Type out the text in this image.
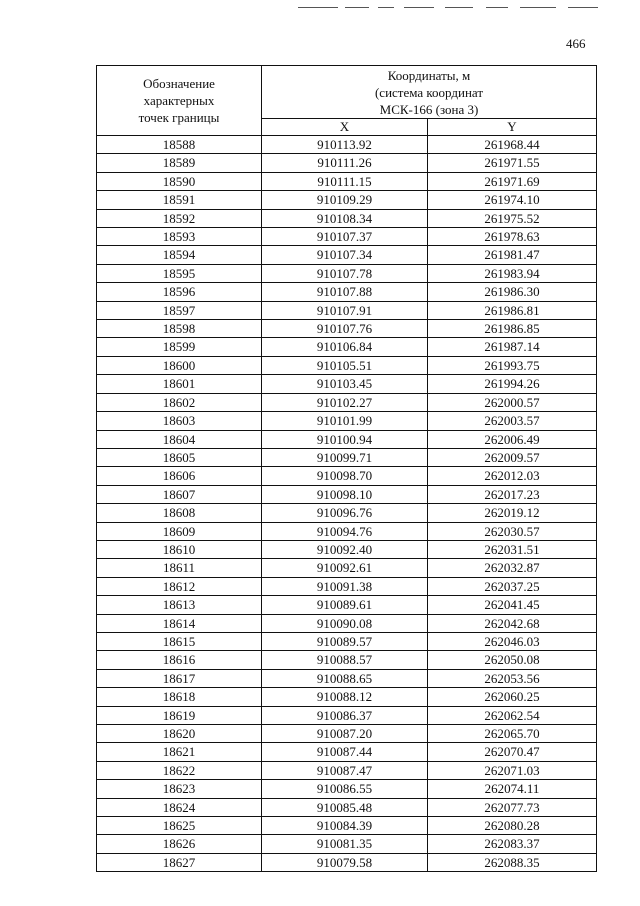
466
Обозначение
характерных
точек границы	Координаты, м
(система координат
МСК-166 (зона 3)	
	X	Y
18588	910113.92	261968.44
18589	910111.26	261971.55
18590	910111.15	261971.69
18591	910109.29	261974.10
18592	910108.34	261975.52
18593	910107.37	261978.63
18594	910107.34	261981.47
18595	910107.78	261983.94
18596	910107.88	261986.30
18597	910107.91	261986.81
18598	910107.76	261986.85
18599	910106.84	261987.14
18600	910105.51	261993.75
18601	910103.45	261994.26
18602	910102.27	262000.57
18603	910101.99	262003.57
18604	910100.94	262006.49
18605	910099.71	262009.57
18606	910098.70	262012.03
18607	910098.10	262017.23
18608	910096.76	262019.12
18609	910094.76	262030.57
18610	910092.40	262031.51
18611	910092.61	262032.87
18612	910091.38	262037.25
18613	910089.61	262041.45
18614	910090.08	262042.68
18615	910089.57	262046.03
18616	910088.57	262050.08
18617	910088.65	262053.56
18618	910088.12	262060.25
18619	910086.37	262062.54
18620	910087.20	262065.70
18621	910087.44	262070.47
18622	910087.47	262071.03
18623	910086.55	262074.11
18624	910085.48	262077.73
18625	910084.39	262080.28
18626	910081.35	262083.37
18627	910079.58	262088.35
